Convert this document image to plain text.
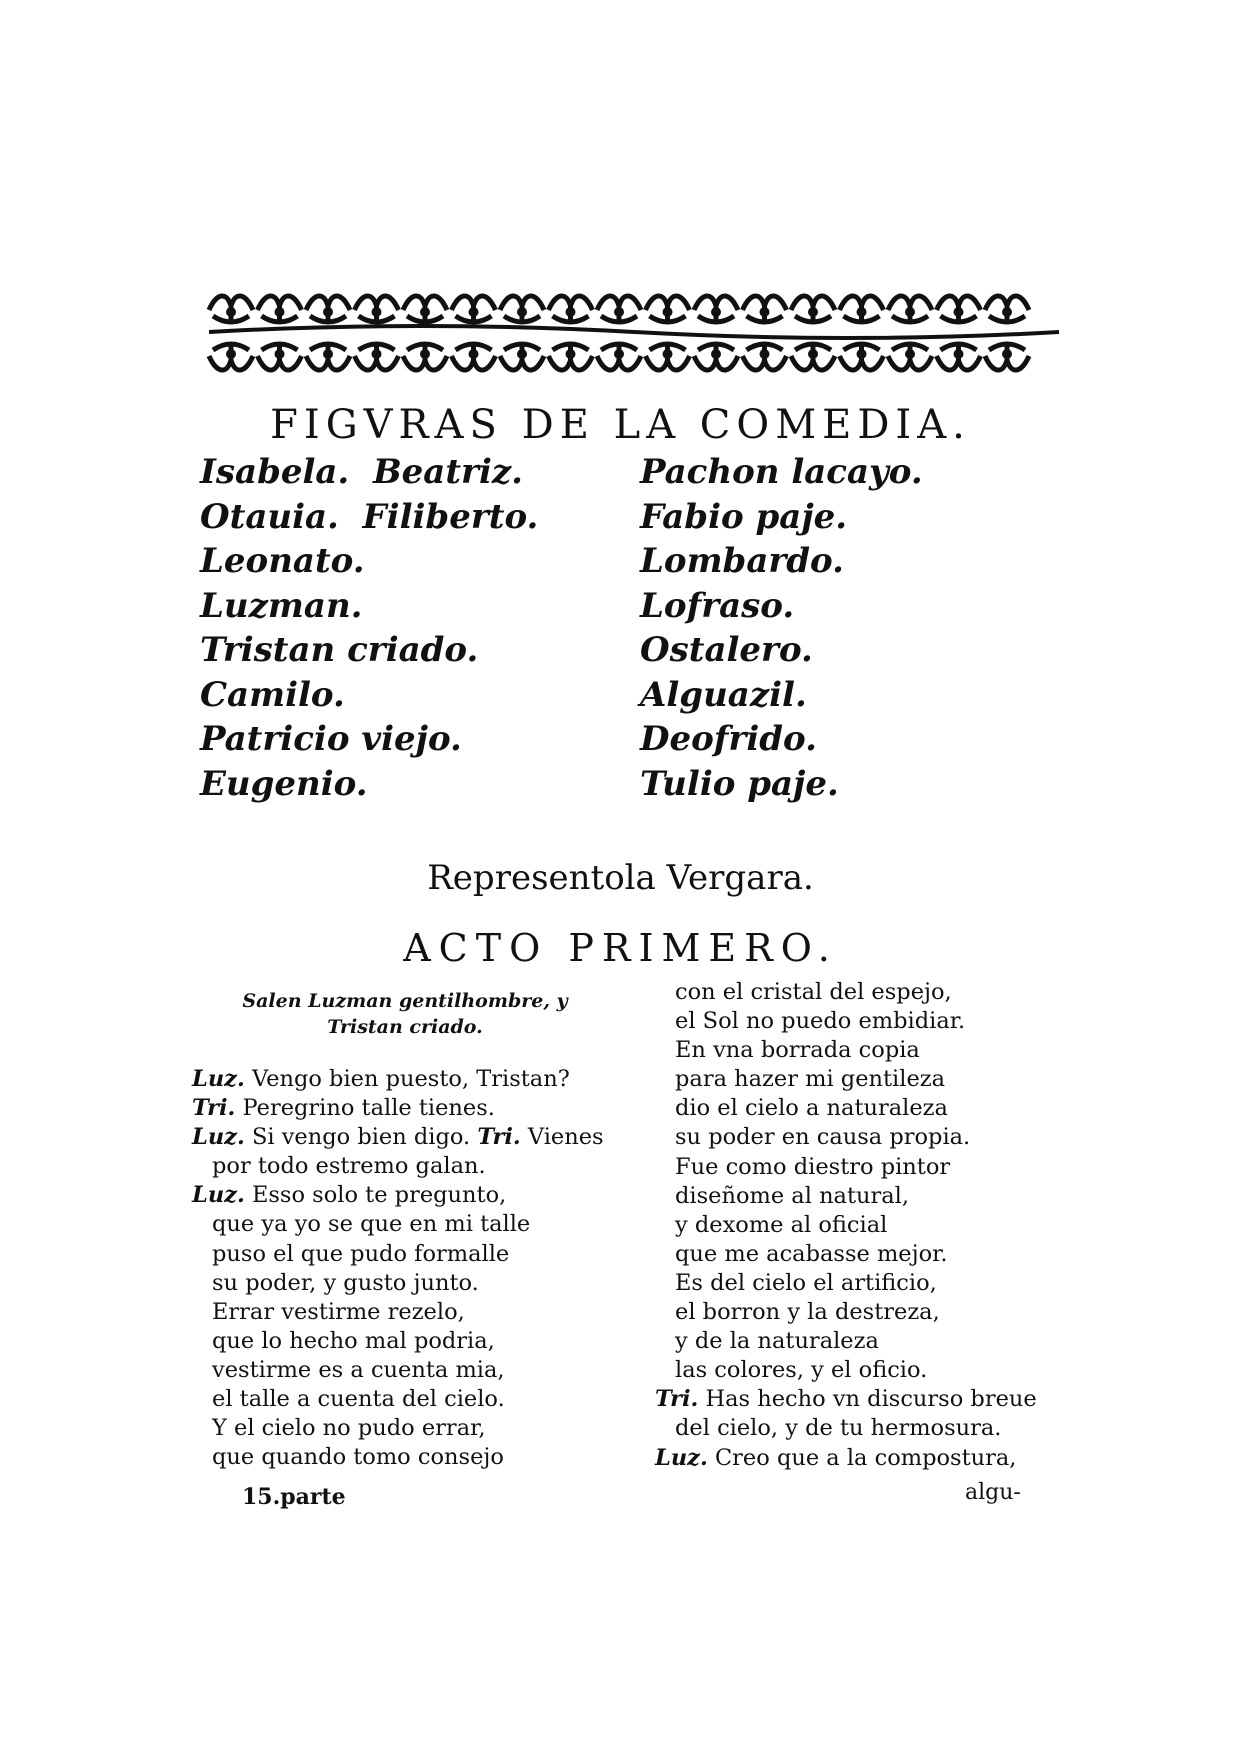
FIGVRAS DE LA COMEDIA.
Isabela.  Beatriz.
Otauia.  Filiberto.
Leonato.
Luzman.
Tristan criado.
Camilo.
Patricio viejo.
Eugenio.
Pachon lacayo.
Fabio paje.
Lombardo.
Lofraso.
Ostalero.
Alguazil.
Deofrido.
Tulio paje.
Representola Vergara.
ACTO PRIMERO.
Salen Luzman gentilhombre, y
Tristan criado.
Luz. Vengo bien puesto, Tristan?
Tri. Peregrino talle tienes.
Luz. Si vengo bien digo. Tri. Vienes
por todo estremo galan.
Luz. Esso solo te pregunto,
que ya yo se que en mi talle
puso el que pudo formalle
su poder, y gusto junto.
Errar vestirme rezelo,
que lo hecho mal podria,
vestirme es a cuenta mia,
el talle a cuenta del cielo.
Y el cielo no pudo errar,
que quando tomo consejo
con el cristal del espejo,
el Sol no puedo embidiar.
En vna borrada copia
para hazer mi gentileza
dio el cielo a naturaleza
su poder en causa propia.
Fue como diestro pintor
diseñome al natural,
y dexome al oficial
que me acabasse mejor.
Es del cielo el artificio,
el borron y la destreza,
y de la naturaleza
las colores, y el oficio.
Tri. Has hecho vn discurso breue
del cielo, y de tu hermosura.
Luz. Creo que a la compostura,
15.parte	algu-
